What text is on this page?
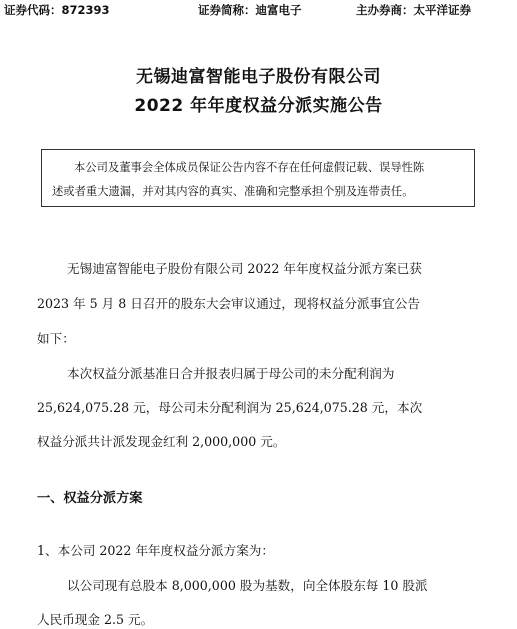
证券代码：872393	证券简称：迪富电子	主办券商：太平洋证券
无锡迪富智能电子股份有限公司
2022 年年度权益分派实施公告
本公司及董事会全体成员保证公告内容不存在任何虚假记载、误导性陈
述或者重大遗漏，并对其内容的真实、准确和完整承担个别及连带责任。
无锡迪富智能电子股份有限公司 2022 年年度权益分派方案已获
2023 年 5 月 8 日召开的股东大会审议通过，现将权益分派事宜公告
如下：
本次权益分派基准日合并报表归属于母公司的未分配利润为
25,624,075.28 元，母公司未分配利润为 25,624,075.28 元，本次
权益分派共计派发现金红利 2,000,000 元。
一、权益分派方案
1、本公司 2022 年年度权益分派方案为：
以公司现有总股本 8,000,000 股为基数，向全体股东每 10 股派
人民币现金 2.5 元。
